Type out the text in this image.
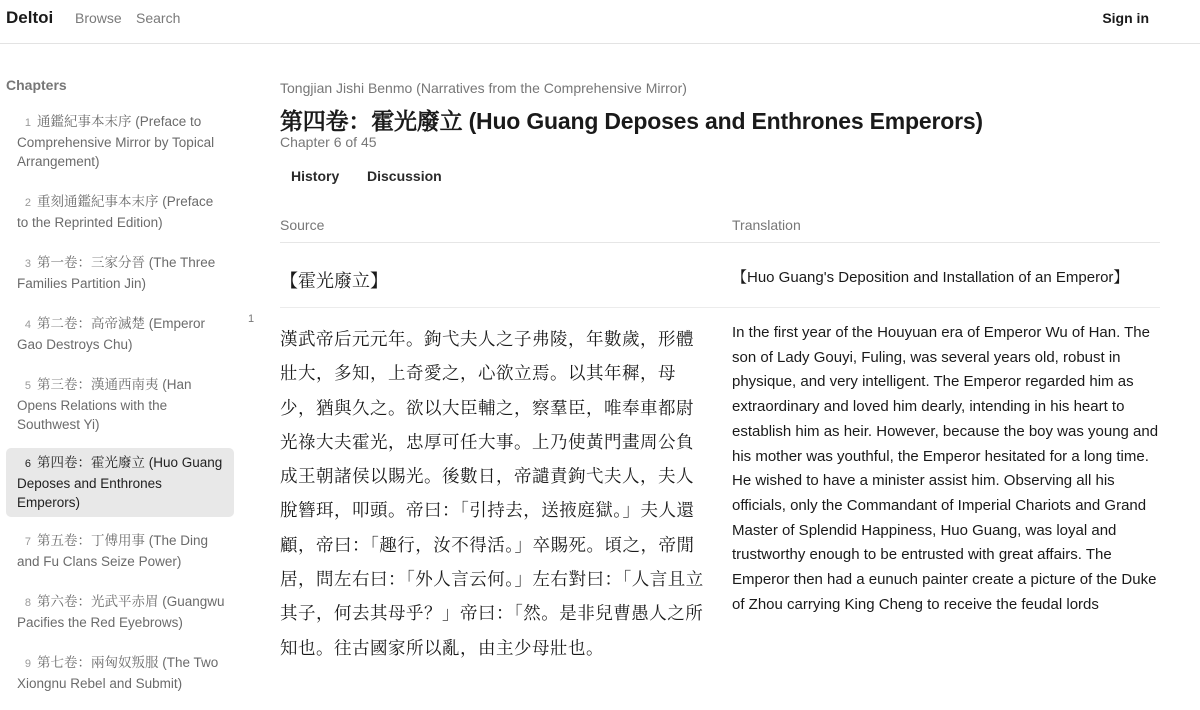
Deltoi Browse Search	Sign in
Chapters
1 通鑑紀事本末序 (Preface to Comprehensive Mirror by Topical Arrangement)
2 重刻通鑑紀事本末序 (Preface to the Reprinted Edition)
3 第一卷：三家分晉 (The Three Families Partition Jin)
4 第二卷：高帝滅楚 (Emperor Gao Destroys Chu)
5 第三卷：漢通西南夷 (Han Opens Relations with the Southwest Yi)
6 第四卷：霍光廢立 (Huo Guang Deposes and Enthrones Emperors)
7 第五卷：丁傅用事 (The Ding and Fu Clans Seize Power)
8 第六卷：光武平赤眉 (Guangwu Pacifies the Red Eyebrows)
9 第七卷：兩匈奴叛服 (The Two Xiongnu Rebel and Submit)
1
Tongjian Jishi Benmo (Narratives from the Comprehensive Mirror)
第四卷：霍光廢立 (Huo Guang Deposes and Enthrones Emperors)
Chapter 6 of 45
History Discussion
Source	Translation
【霍光廢立】	【Huo Guang's Deposition and Installation of an Emperor】
漢武帝后元元年。鉤弋夫人之子弗陵，年數歲，形體壯大，多知，上奇愛之，心欲立焉。以其年穉，母少，猶與久之。欲以大臣輔之，察羣臣，唯奉車都尉光祿大夫霍光，忠厚可任大事。上乃使黃門畫周公負成王朝諸侯以賜光。後數日，帝譴責鉤弋夫人，夫人脫簪珥，叩頭。帝曰：「引持去，送掖庭獄。」夫人還顧，帝曰：「趣行，汝不得活。」卒賜死。頃之，帝閒居，問左右曰：「外人言云何。」左右對曰：「人言且立其子，何去其母乎？」帝曰：「然。是非兒曹愚人之所知也。往古國家所以亂，由主少母壯也。
In the first year of the Houyuan era of Emperor Wu of Han. The son of Lady Gouyi, Fuling, was several years old, robust in physique, and very intelligent. The Emperor regarded him as extraordinary and loved him dearly, intending in his heart to establish him as heir. However, because the boy was young and his mother was youthful, the Emperor hesitated for a long time. He wished to have a minister assist him. Observing all his officials, only the Commandant of Imperial Chariots and Grand Master of Splendid Happiness, Huo Guang, was loyal and trustworthy enough to be entrusted with great affairs. The Emperor then had a eunuch painter create a picture of the Duke of Zhou carrying King Cheng to receive the feudal lords
